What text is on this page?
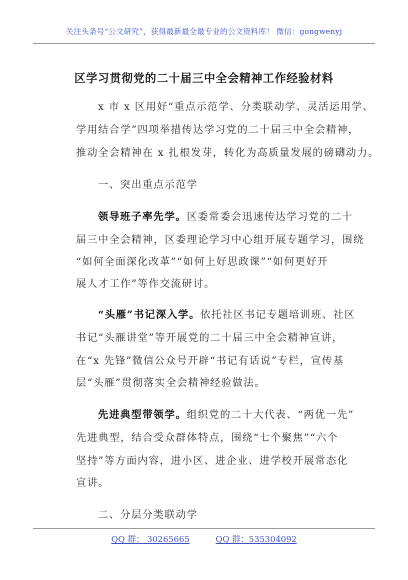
关注头条号“公文研究”，获得最新最全最专业的公文资料库！ 微信：gongwenyj
区学习贯彻党的二十届三中全会精神工作经验材料
x 市 x 区用好“重点示范学、分类联动学、灵活运用学、
学用结合学”四项举措传达学习党的二十届三中全会精神，
推动全会精神在 x 扎根发芽，转化为高质量发展的磅礴动力。
一、突出重点示范学
领导班子率先学。区委常委会迅速传达学习党的二十
届三中全会精神，区委理论学习中心组开展专题学习，围绕
“如何全面深化改革”“如何上好思政课”“如何更好开
展人才工作”等作交流研讨。
“头雁”书记深入学。依托社区书记专题培训班、社区
书记“头雁讲堂”等开展党的二十届三中全会精神宣讲，
在“x 先锋”微信公众号开辟“书记有话说”专栏，宣传基
层“头雁”贯彻落实全会精神经验做法。
先进典型带领学。组织党的二十大代表、“两优一先”
先进典型，结合受众群体特点，围绕“七个聚焦”“六个
坚持”等方面内容，进小区、进企业、进学校开展常态化
宣讲。
二、分层分类联动学
QQ 群： 30265665	QQ 群：535304092
